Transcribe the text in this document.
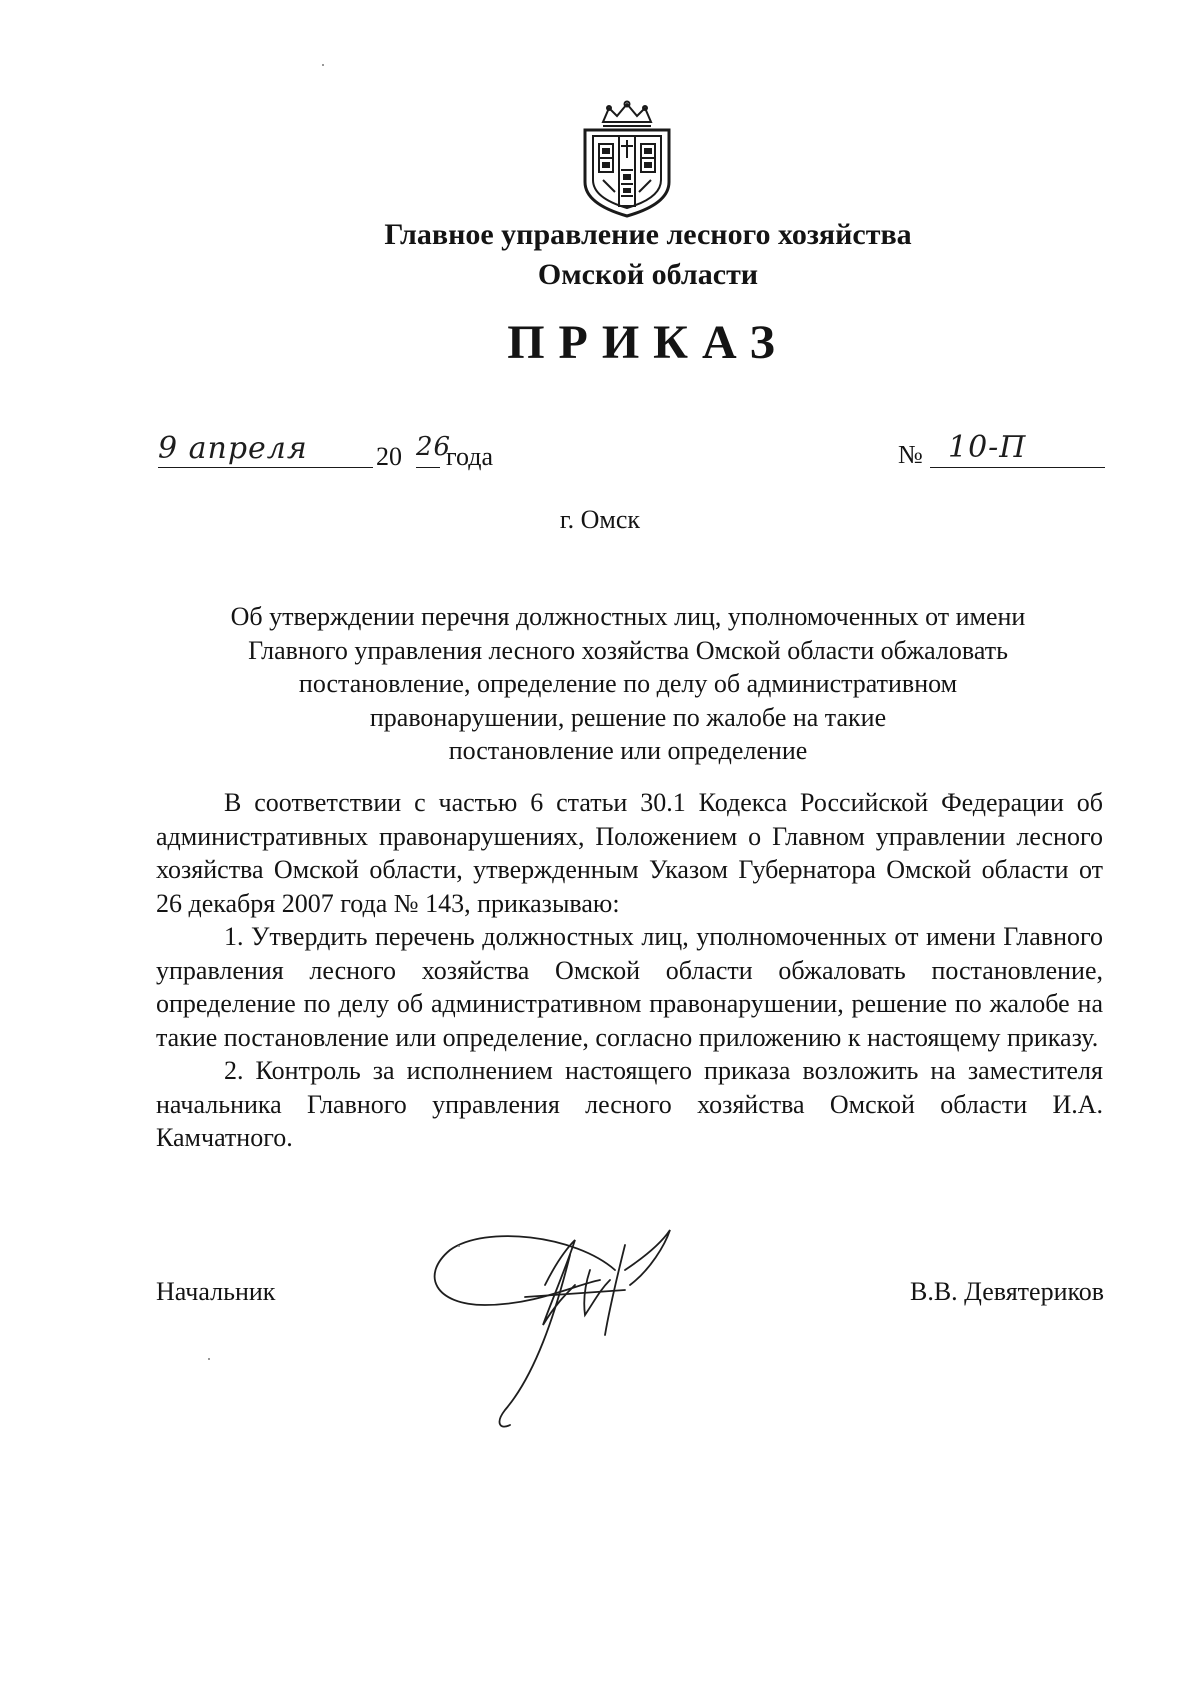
Главное управление лесного хозяйства
Омской области
ПРИКАЗ
9 апреля	20 26
года	№ 10-П
г. Омск
Об утверждении перечня должностных лиц, уполномоченных от имени
Главного управления лесного хозяйства Омской области обжаловать
постановление, определение по делу об административном
правонарушении, решение по жалобе на такие
постановление или определение

В соответствии с частью 6 статьи 30.1 Кодекса Российской Федерации об административных правонарушениях, Положением о Главном управлении лесного хозяйства Омской области, утвержденным Указом Губернатора Омской области от 26 декабря 2007 года № 143, приказываю:

1. Утвердить перечень должностных лиц, уполномоченных от имени Главного управления лесного хозяйства Омской области обжаловать постановление, определение по делу об административном правонарушении, решение по жалобе на такие постановление или определение, согласно приложению к настоящему приказу.

2. Контроль за исполнением настоящего приказа возложить на заместителя начальника Главного управления лесного хозяйства Омской области И.А. Камчатного.

Начальник	В.В. Девятериков
